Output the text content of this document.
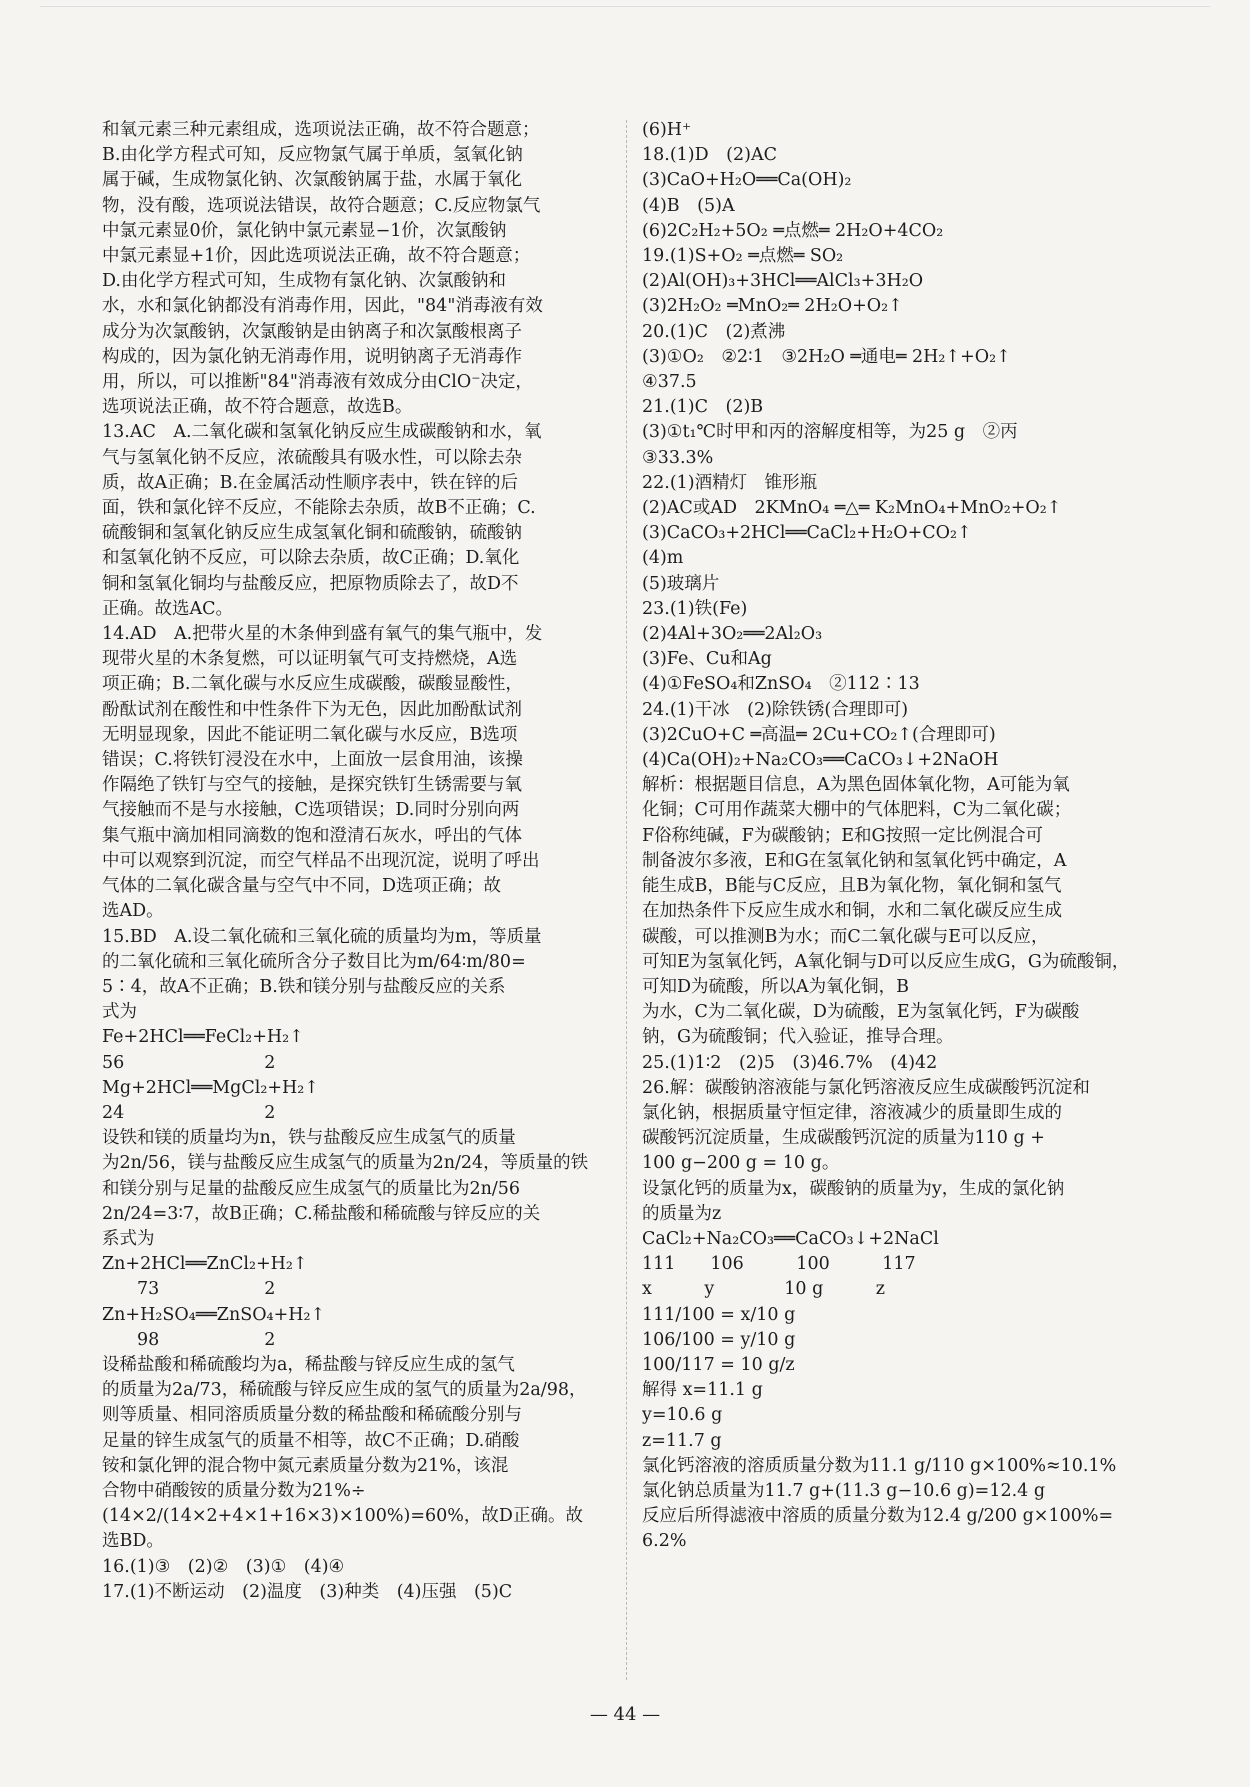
和氧元素三种元素组成，选项说法正确，故不符合题意；
B.由化学方程式可知，反应物氯气属于单质，氢氧化钠
属于碱，生成物氯化钠、次氯酸钠属于盐，水属于氧化
物，没有酸，选项说法错误，故符合题意；C.反应物氯气
中氯元素显0价，氯化钠中氯元素显−1价，次氯酸钠
中氯元素显+1价，因此选项说法正确，故不符合题意；
D.由化学方程式可知，生成物有氯化钠、次氯酸钠和
水，水和氯化钠都没有消毒作用，因此，"84"消毒液有效
成分为次氯酸钠，次氯酸钠是由钠离子和次氯酸根离子
构成的，因为氯化钠无消毒作用，说明钠离子无消毒作
用，所以，可以推断"84"消毒液有效成分由ClO⁻决定，
选项说法正确，故不符合题意，故选B。
13.AC　A.二氧化碳和氢氧化钠反应生成碳酸钠和水，氧
气与氢氧化钠不反应，浓硫酸具有吸水性，可以除去杂
质，故A正确；B.在金属活动性顺序表中，铁在锌的后
面，铁和氯化锌不反应，不能除去杂质，故B不正确；C.
硫酸铜和氢氧化钠反应生成氢氧化铜和硫酸钠，硫酸钠
和氢氧化钠不反应，可以除去杂质，故C正确；D.氧化
铜和氢氧化铜均与盐酸反应，把原物质除去了，故D不
正确。故选AC。
14.AD　A.把带火星的木条伸到盛有氧气的集气瓶中，发
现带火星的木条复燃，可以证明氧气可支持燃烧，A选
项正确；B.二氧化碳与水反应生成碳酸，碳酸显酸性，
酚酞试剂在酸性和中性条件下为无色，因此加酚酞试剂
无明显现象，因此不能证明二氧化碳与水反应，B选项
错误；C.将铁钉浸没在水中，上面放一层食用油，该操
作隔绝了铁钉与空气的接触，是探究铁钉生锈需要与氧
气接触而不是与水接触，C选项错误；D.同时分别向两
集气瓶中滴加相同滴数的饱和澄清石灰水，呼出的气体
中可以观察到沉淀，而空气样品不出现沉淀，说明了呼出
气体的二氧化碳含量与空气中不同，D选项正确；故
选AD。
15.BD　A.设二氧化硫和三氧化硫的质量均为m，等质量
的二氧化硫和三氧化硫所含分子数目比为m/64∶m/80=
5∶4，故A不正确；B.铁和镁分别与盐酸反应的关系
式为
Fe+2HCl══FeCl₂+H₂↑
56　　　　　　　　2
Mg+2HCl══MgCl₂+H₂↑
24　　　　　　　　2
设铁和镁的质量均为n，铁与盐酸反应生成氢气的质量
为2n/56，镁与盐酸反应生成氢气的质量为2n/24，等质量的铁
和镁分别与足量的盐酸反应生成氢气的质量比为2n/56
2n/24=3∶7，故B正确；C.稀盐酸和稀硫酸与锌反应的关
系式为
Zn+2HCl══ZnCl₂+H₂↑
　　73　　　　　　2
Zn+H₂SO₄══ZnSO₄+H₂↑
　　98　　　　　　2
设稀盐酸和稀硫酸均为a，稀盐酸与锌反应生成的氢气
的质量为2a/73，稀硫酸与锌反应生成的氢气的质量为2a/98，
则等质量、相同溶质质量分数的稀盐酸和稀硫酸分别与
足量的锌生成氢气的质量不相等，故C不正确；D.硝酸
铵和氯化钾的混合物中氮元素质量分数为21%，该混
合物中硝酸铵的质量分数为21%÷
(14×2/(14×2+4×1+16×3)×100%)=60%，故D正确。故
选BD。
16.(1)③　(2)②　(3)①　(4)④
17.(1)不断运动　(2)温度　(3)种类　(4)压强　(5)C
(6)H⁺
18.(1)D　(2)AC
(3)CaO+H₂O══Ca(OH)₂
(4)B　(5)A
(6)2C₂H₂+5O₂ ═点燃═ 2H₂O+4CO₂
19.(1)S+O₂ ═点燃═ SO₂
(2)Al(OH)₃+3HCl══AlCl₃+3H₂O
(3)2H₂O₂ ═MnO₂═ 2H₂O+O₂↑
20.(1)C　(2)煮沸
(3)①O₂　②2∶1　③2H₂O ═通电═ 2H₂↑+O₂↑
④37.5
21.(1)C　(2)B
(3)①t₁℃时甲和丙的溶解度相等，为25 g　②丙
③33.3%
22.(1)酒精灯　锥形瓶
(2)AC或AD　2KMnO₄ ═△═ K₂MnO₄+MnO₂+O₂↑
(3)CaCO₃+2HCl══CaCl₂+H₂O+CO₂↑
(4)m
(5)玻璃片
23.(1)铁(Fe)
(2)4Al+3O₂══2Al₂O₃
(3)Fe、Cu和Ag
(4)①FeSO₄和ZnSO₄　②112∶13
24.(1)干冰　(2)除铁锈(合理即可)
(3)2CuO+C ═高温═ 2Cu+CO₂↑(合理即可)
(4)Ca(OH)₂+Na₂CO₃══CaCO₃↓+2NaOH
解析：根据题目信息，A为黑色固体氧化物，A可能为氧
化铜；C可用作蔬菜大棚中的气体肥料，C为二氧化碳；
F俗称纯碱，F为碳酸钠；E和G按照一定比例混合可
制备波尔多液，E和G在氢氧化钠和氢氧化钙中确定，A
能生成B，B能与C反应，且B为氧化物，氧化铜和氢气
在加热条件下反应生成水和铜，水和二氧化碳反应生成
碳酸，可以推测B为水；而C二氧化碳与E可以反应，
可知E为氢氧化钙，A氧化铜与D可以反应生成G，G为硫酸铜，
可知D为硫酸，所以A为氧化铜，B
为水，C为二氧化碳，D为硫酸，E为氢氧化钙，F为碳酸
钠，G为硫酸铜；代入验证，推导合理。
25.(1)1∶2　(2)5　(3)46.7%　(4)42
26.解：碳酸钠溶液能与氯化钙溶液反应生成碳酸钙沉淀和
氯化钠，根据质量守恒定律，溶液减少的质量即生成的
碳酸钙沉淀质量，生成碳酸钙沉淀的质量为110 g +
100 g−200 g = 10 g。
设氯化钙的质量为x，碳酸钠的质量为y，生成的氯化钠
的质量为z
CaCl₂+Na₂CO₃══CaCO₃↓+2NaCl
111　　106　　　100　　　117
x　　　y　　　　10 g　　　z
111/100 = x/10 g
106/100 = y/10 g
100/117 = 10 g/z
解得 x=11.1 g
y=10.6 g
z=11.7 g
氯化钙溶液的溶质质量分数为11.1 g/110 g×100%≈10.1%
氯化钠总质量为11.7 g+(11.3 g−10.6 g)=12.4 g
反应后所得滤液中溶质的质量分数为12.4 g/200 g×100%=
6.2%
— 44 —
